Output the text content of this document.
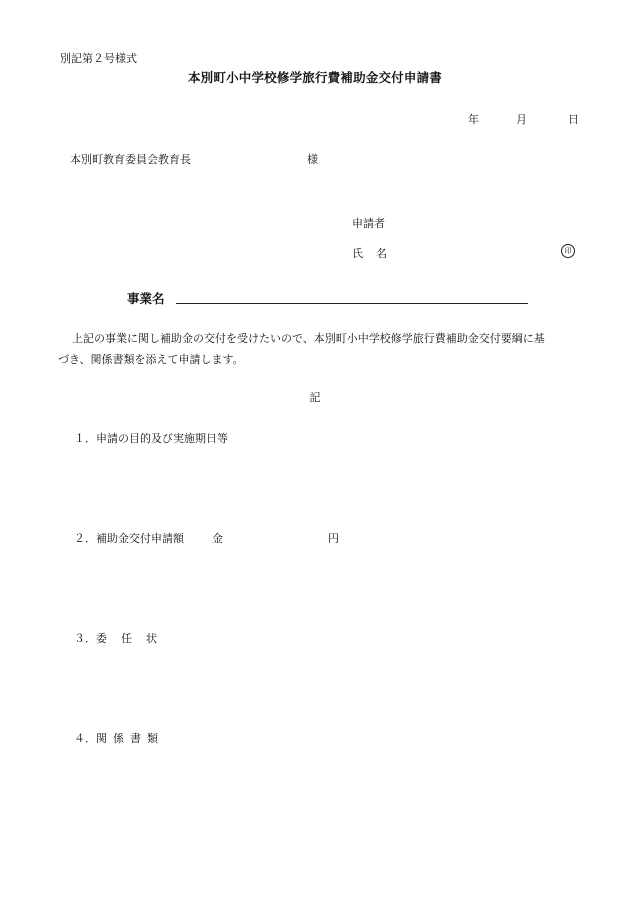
別記第２号様式
本別町小中学校修学旅行費補助金交付申請書
年	月	日
本別町教育委員会教育長	様
申請者
氏名	印
事業名
上記の事業に関し補助金の交付を受けたいので、本別町小中学校修学旅行費補助金交付要綱に基
づき、関係書類を添えて申請します。
記
１．申請の目的及び実施期日等
２．補助金交付申請額	金	円
３．委任状
４．関係書類
